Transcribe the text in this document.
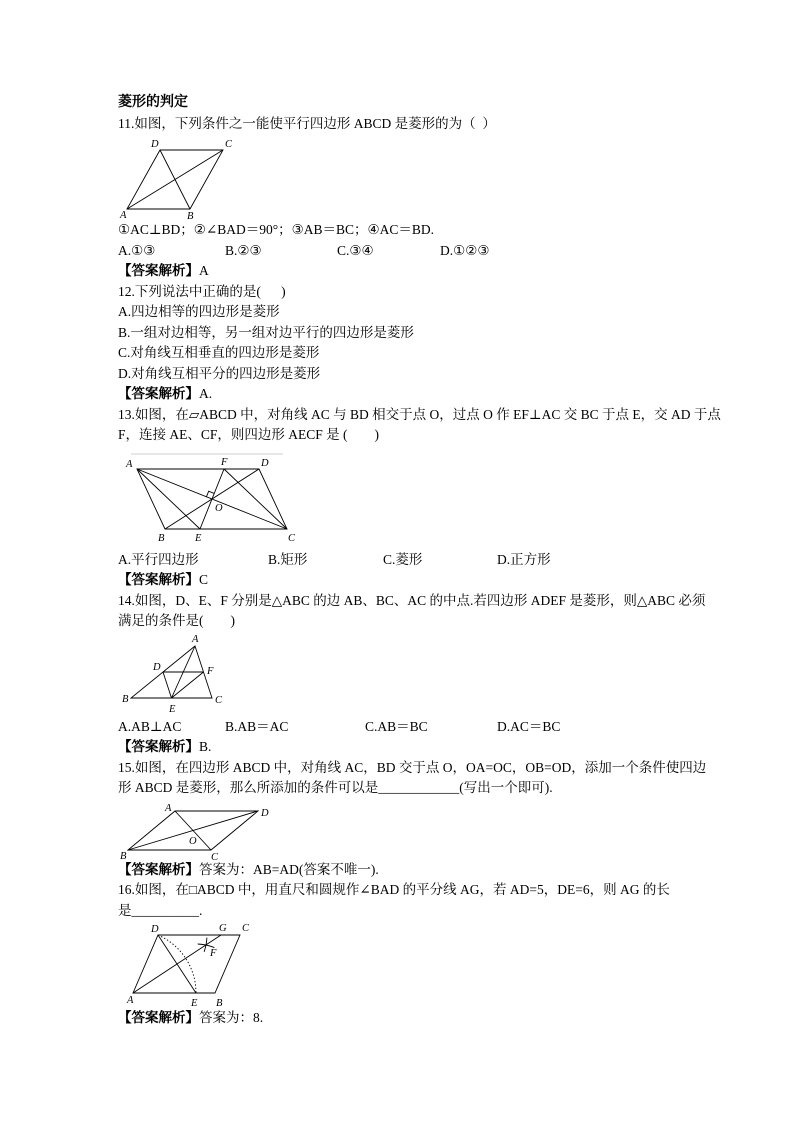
菱形的判定
11.如图，下列条件之一能使平行四边形 ABCD 是菱形的为（  ）
D	C
A	B
①AC⊥BD；②∠BAD＝90°；③AB＝BC；④AC＝BD.
A.①③	B.②③	C.③④	D.①②③
【答案解析】A
12.下列说法中正确的是(      )
A.四边相等的四边形是菱形
B.一组对边相等，另一组对边平行的四边形是菱形
C.对角线互相垂直的四边形是菱形
D.对角线互相平分的四边形是菱形
【答案解析】A.
13.如图，在▱ABCD 中，对角线 AC 与 BD 相交于点 O，过点 O 作 EF⊥AC 交 BC 于点 E，交 AD 于点
F，连接 AE、CF，则四边形 AECF 是 (        )
A	F	D
O
B	E	C
A.平行四边形	B.矩形	C.菱形	D.正方形
【答案解析】C
14.如图，D、E、F 分别是△ABC 的边 AB、BC、AC 的中点.若四边形 ADEF 是菱形，则△ABC 必须
满足的条件是(        )
A
D	F
B	C
E
A.AB⊥AC	B.AB＝AC	C.AB＝BC	D.AC＝BC
【答案解析】B.
15.如图，在四边形 ABCD 中，对角线 AC，BD 交于点 O，OA=OC，OB=OD，添加一个条件使四边
形 ABCD 是菱形，那么所添加的条件可以是____________(写出一个即可).
A	D
O
B	C
【答案解析】答案为：AB=AD(答案不唯一).
16.如图，在□ABCD 中，用直尺和圆规作∠BAD 的平分线 AG，若 AD=5，DE=6，则 AG 的长
是__________.
D	G C
F
A	E B
【答案解析】答案为：8.
